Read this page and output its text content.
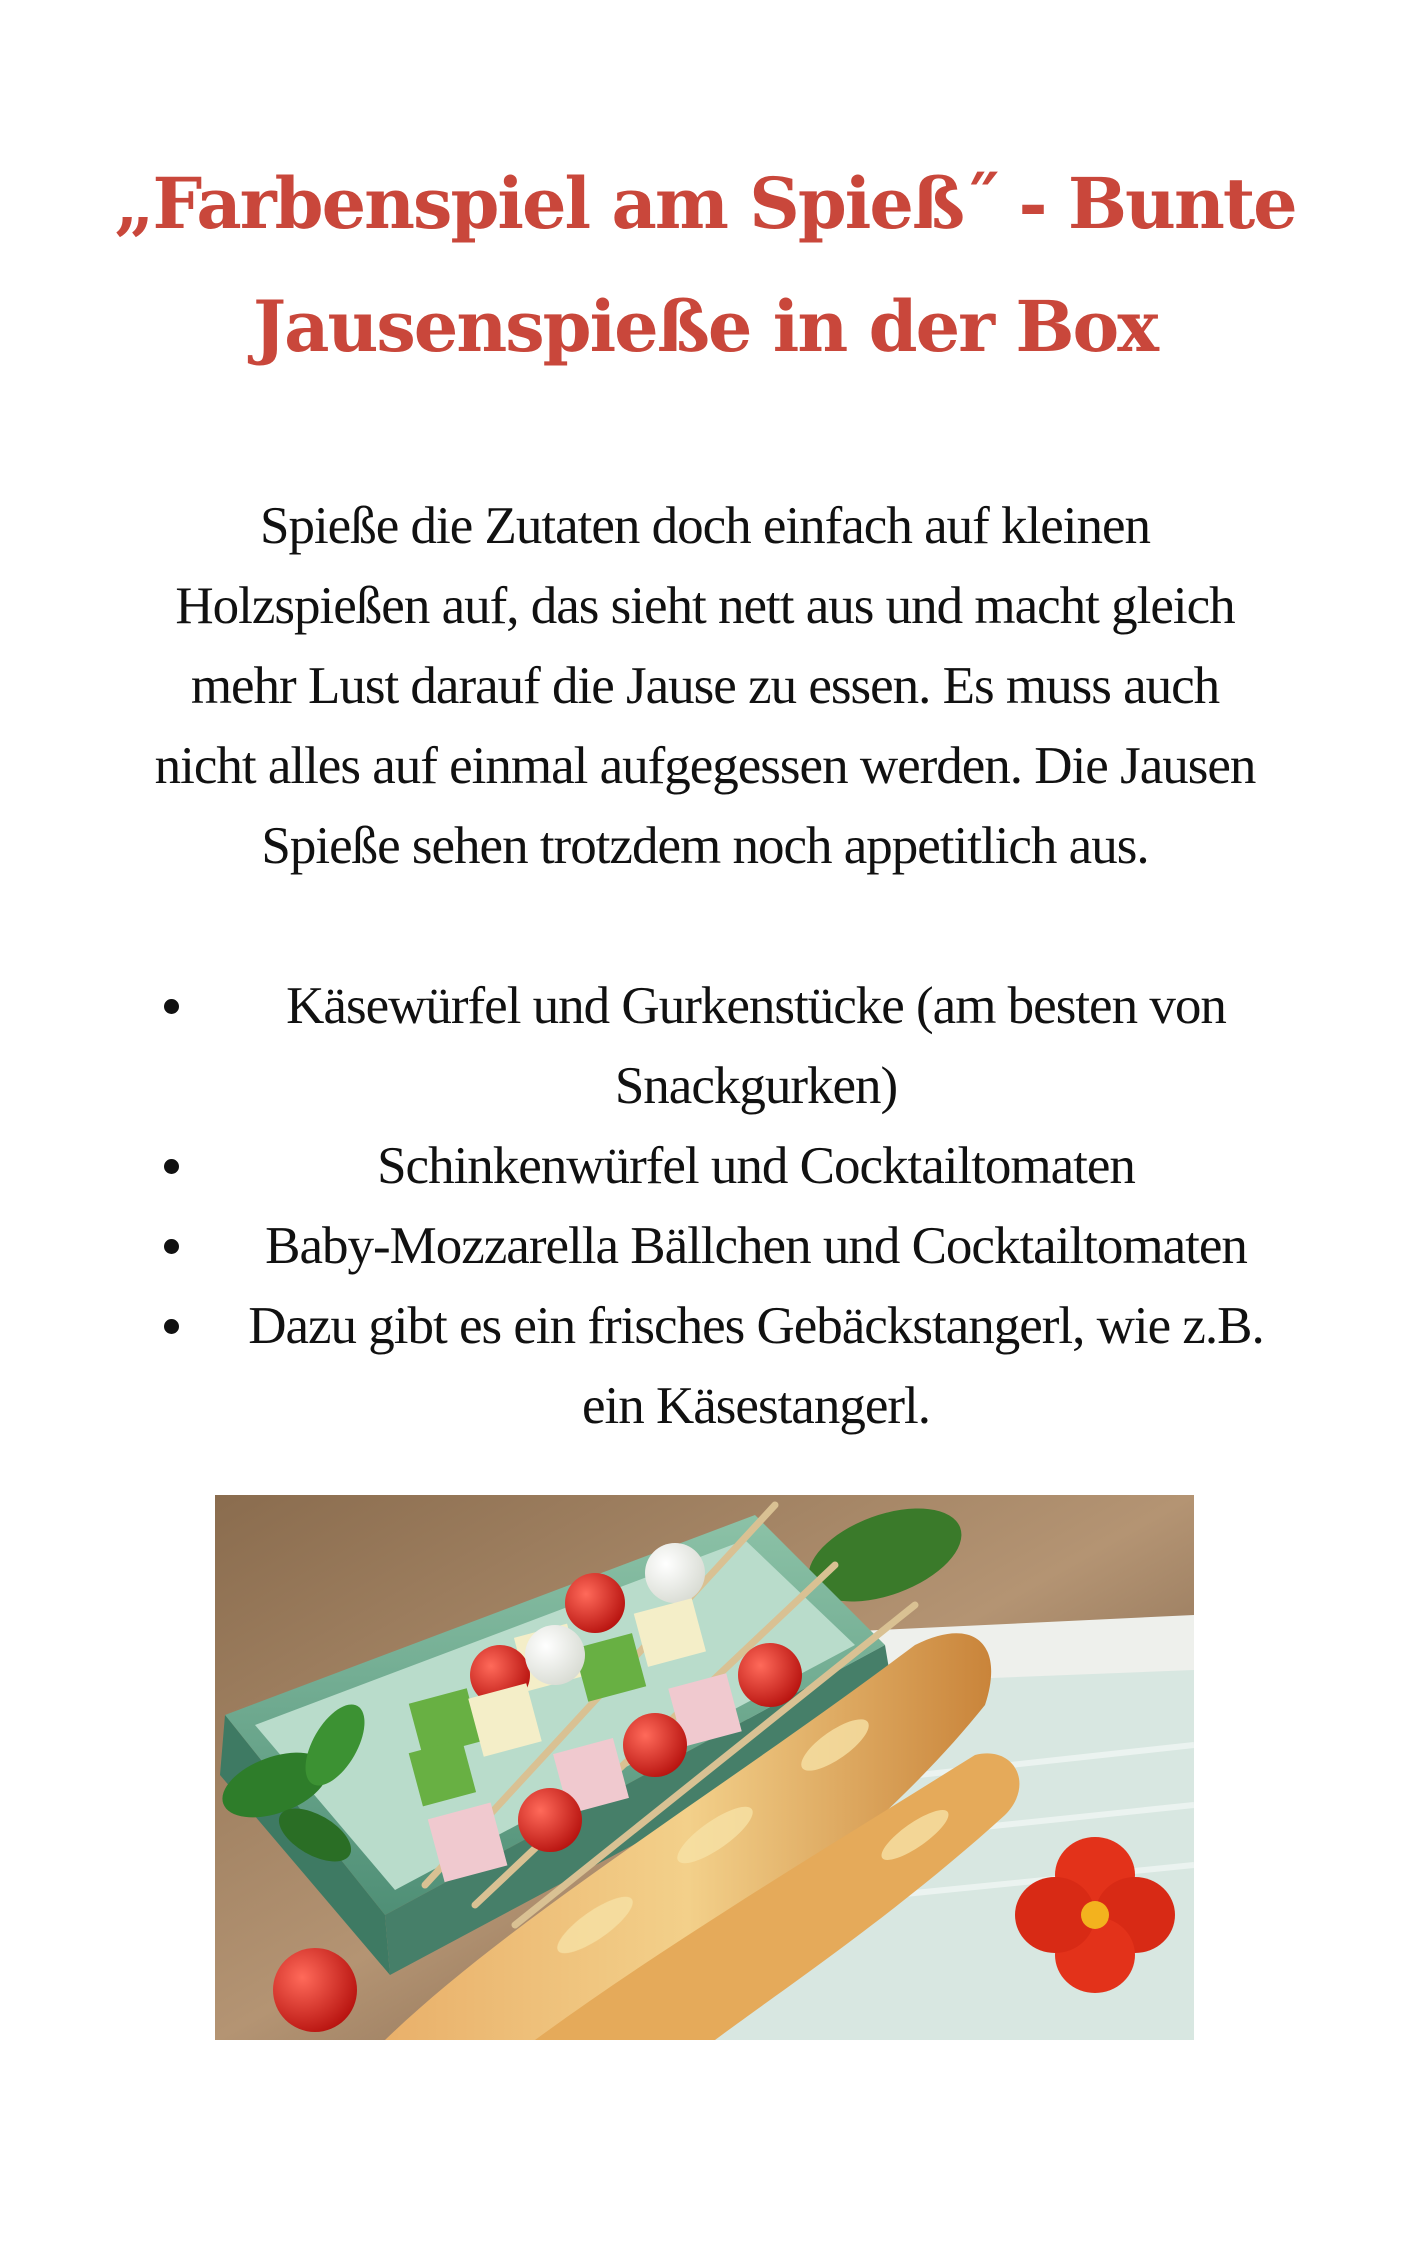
„Farbenspiel am Spieß˝ - Bunte
Jausenspieße in der Box
Spieße die Zutaten doch einfach auf kleinen
Holzspießen auf, das sieht nett aus und macht gleich
mehr Lust darauf die Jause zu essen. Es muss auch
nicht alles auf einmal aufgegessen werden. Die Jausen
Spieße sehen trotzdem noch appetitlich aus.
Käsewürfel und Gurkenstücke (am besten von
Snackgurken)
Schinkenwürfel und Cocktailtomaten
Baby-Mozzarella Bällchen und Cocktailtomaten
Dazu gibt es ein frisches Gebäckstangerl, wie z.B.
ein Käsestangerl.
